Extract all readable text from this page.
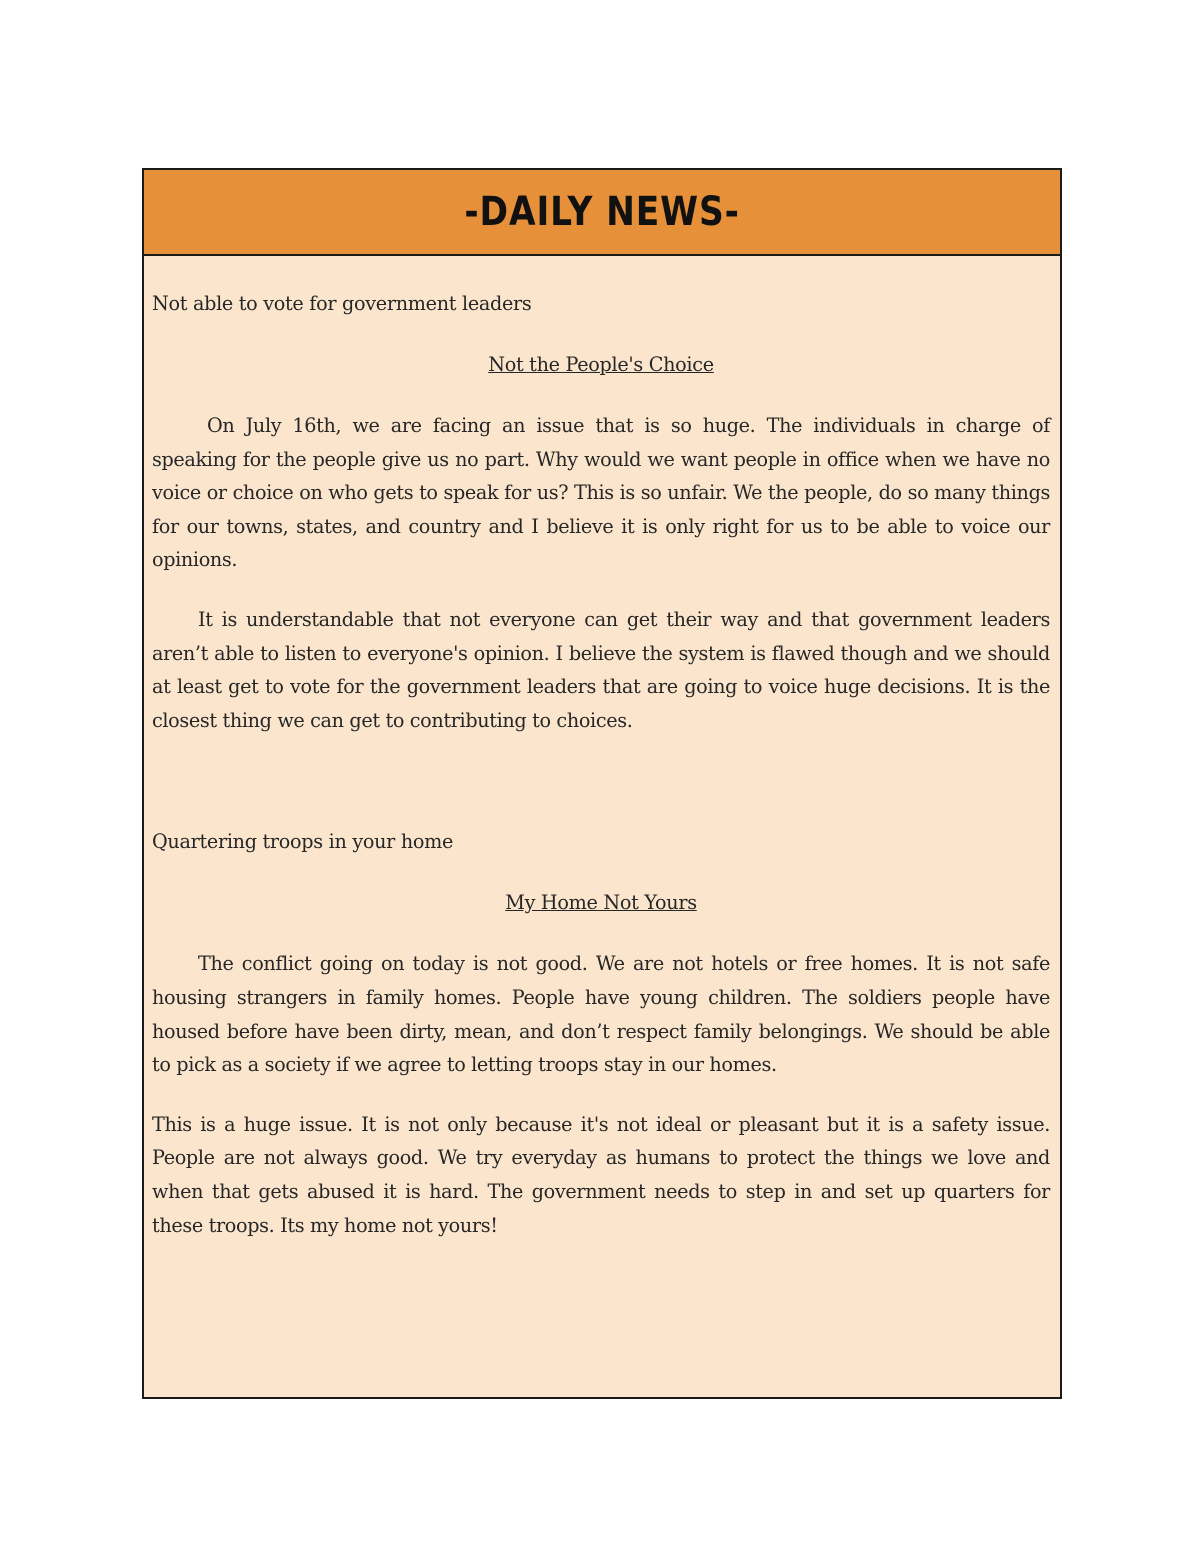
-DAILY NEWS-

Not able to vote for government leaders

Not the People's Choice

On July 16th, we are facing an issue that is so huge. The individuals in charge of speaking for the people give us no part. Why would we want people in office when we have no voice or choice on who gets to speak for us? This is so unfair. We the people, do so many things for our towns, states, and country and I believe it is only right for us to be able to voice our opinions.

It is understandable that not everyone can get their way and that government leaders aren’t able to listen to everyone's opinion. I believe the system is flawed though and we should at least get to vote for the government leaders that are going to voice huge decisions. It is the closest thing we can get to contributing to choices.

Quartering troops in your home

My Home Not Yours

The conflict going on today is not good. We are not hotels or free homes. It is not safe housing strangers in family homes. People have young children. The soldiers people have housed before have been dirty, mean, and don’t respect family belongings. We should be able to pick as a society if we agree to letting troops stay in our homes.

This is a huge issue. It is not only because it's not ideal or pleasant but it is a safety issue. People are not always good. We try everyday as humans to protect the things we love and when that gets abused it is hard. The government needs to step in and set up quarters for these troops. Its my home not yours!
